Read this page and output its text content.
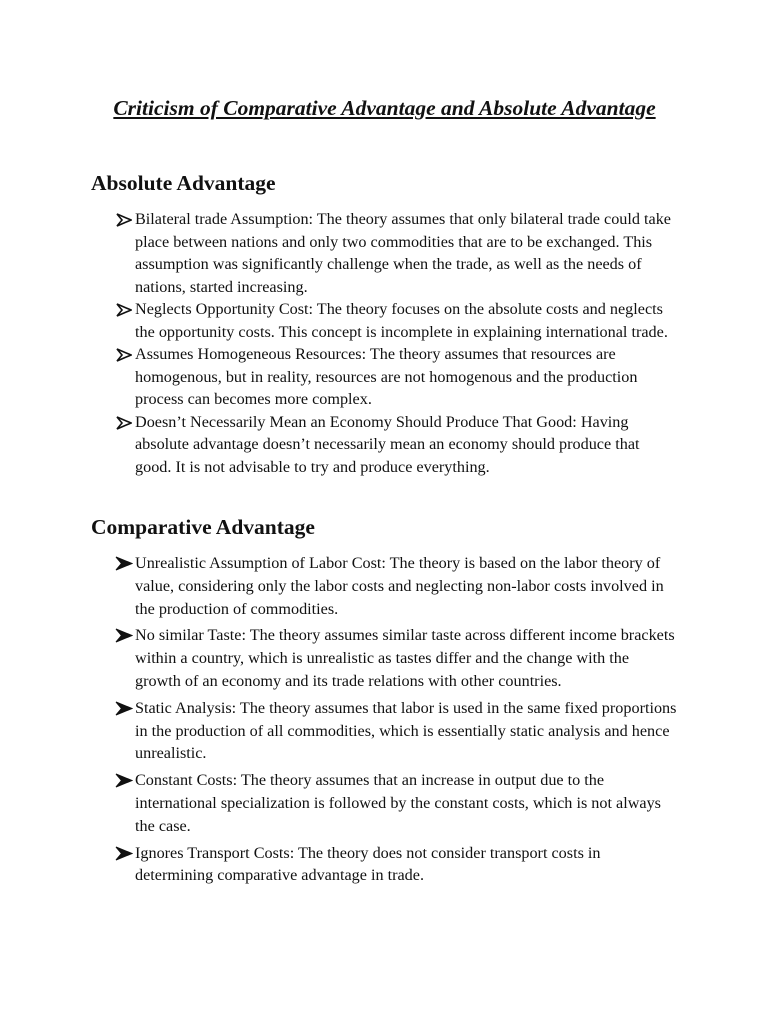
Criticism of Comparative Advantage and Absolute Advantage
Absolute Advantage
Bilateral trade Assumption: The theory assumes that only bilateral trade could take place between nations and only two commodities that are to be exchanged. This assumption was significantly challenge when the trade, as well as the needs of nations, started increasing.
Neglects Opportunity Cost: The theory focuses on the absolute costs and neglects the opportunity costs. This concept is incomplete in explaining international trade.
Assumes Homogeneous Resources: The theory assumes that resources are homogenous, but in reality, resources are not homogenous and the production process can becomes more complex.
Doesn’t Necessarily Mean an Economy Should Produce That Good: Having absolute advantage doesn’t necessarily mean an economy should produce that good. It is not advisable to try and produce everything.
Comparative Advantage
Unrealistic Assumption of Labor Cost: The theory is based on the labor theory of value, considering only the labor costs and neglecting non-labor costs involved in the production of commodities.
No similar Taste: The theory assumes similar taste across different income brackets within a country, which is unrealistic as tastes differ and the change with the growth of an economy and its trade relations with other countries.
Static Analysis: The theory assumes that labor is used in the same fixed proportions in the production of all commodities, which is essentially static analysis and hence unrealistic.
Constant Costs: The theory assumes that an increase in output due to the international specialization is followed by the constant costs, which is not always the case.
Ignores Transport Costs: The theory does not consider transport costs in determining comparative advantage in trade.
